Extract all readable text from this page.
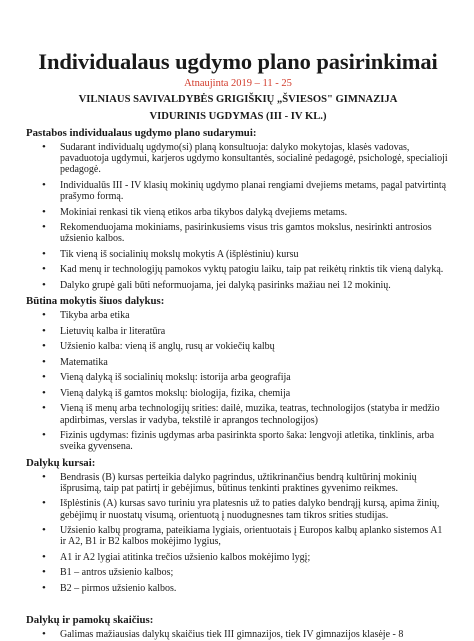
Individualaus ugdymo plano pasirinkimai
Atnaujinta 2019 – 11 - 25
VILNIAUS SAVIVALDYBĖS GRIGIŠKIŲ „ŠVIESOS" GIMNAZIJA
VIDURINIS UGDYMAS (III - IV KL.)
Pastabos individualaus ugdymo plano sudarymui:
• Sudarant individualų ugdymo(si) planą konsultuoja: dalyko mokytojas, klasės vadovas, pavaduotoja ugdymui, karjeros ugdymo konsultantės, socialinė pedagogė, psichologė, specialioji pedagogė.
• Individualūs III - IV klasių mokinių ugdymo planai rengiami dvejiems metams, pagal patvirtintą prašymo formą.
• Mokiniai renkasi tik vieną etikos arba tikybos dalyką dvejiems metams.
• Rekomenduojama mokiniams, pasirinkusiems visus tris gamtos mokslus, nesirinkti antrosios užsienio kalbos.
• Tik vieną iš socialinių mokslų mokytis A (išplėstiniu) kursu
• Kad menų ir technologijų pamokos vyktų patogiu laiku, taip pat reikėtų rinktis tik vieną dalyką.
• Dalyko grupė gali būti neformuojama, jei dalyką pasirinks mažiau nei 12 mokinių.
Būtina mokytis šiuos dalykus:
• Tikyba arba etika
• Lietuvių kalba ir literatūra
• Užsienio kalba: vieną iš anglų, rusų ar vokiečių kalbų
• Matematika
• Vieną dalyką iš socialinių mokslų: istorija arba geografija
• Vieną dalyką iš gamtos mokslų: biologija, fizika, chemija
• Vieną iš menų arba technologijų srities: dailė, muzika, teatras, technologijos (statyba ir medžio apdirbimas, verslas ir vadyba, tekstilė ir aprangos technologijos)
• Fizinis ugdymas: fizinis ugdymas arba pasirinkta sporto šaka: lengvoji atletika, tinklinis, arba sveika gyvensena.
Dalykų kursai:
• Bendrasis (B) kursas perteikia dalyko pagrindus, užtikrinančius bendrą kultūrinį mokinių išprusimą, taip pat patirtį ir gebėjimus, būtinus tenkinti praktines gyvenimo reikmes.
• Išplėstinis (A) kursas savo turiniu yra platesnis už to paties dalyko bendrąjį kursą, apima žinių, gebėjimų ir nuostatų visumą, orientuotą į nuodugnesnes tam tikros srities studijas.
• Užsienio kalbų programa, pateikiama lygiais, orientuotais į Europos kalbų aplanko sistemos A1 ir A2, B1 ir B2 kalbos mokėjimo lygius,
• A1 ir A2 lygiai atitinka trečios užsienio kalbos mokėjimo lygį;
• B1 – antros užsienio kalbos;
• B2 – pirmos užsienio kalbos.
Dalykų ir pamokų skaičius:
• Galimas mažiausias dalykų skaičius tiek III gimnazijos, tiek IV gimnazijos klasėje - 8
